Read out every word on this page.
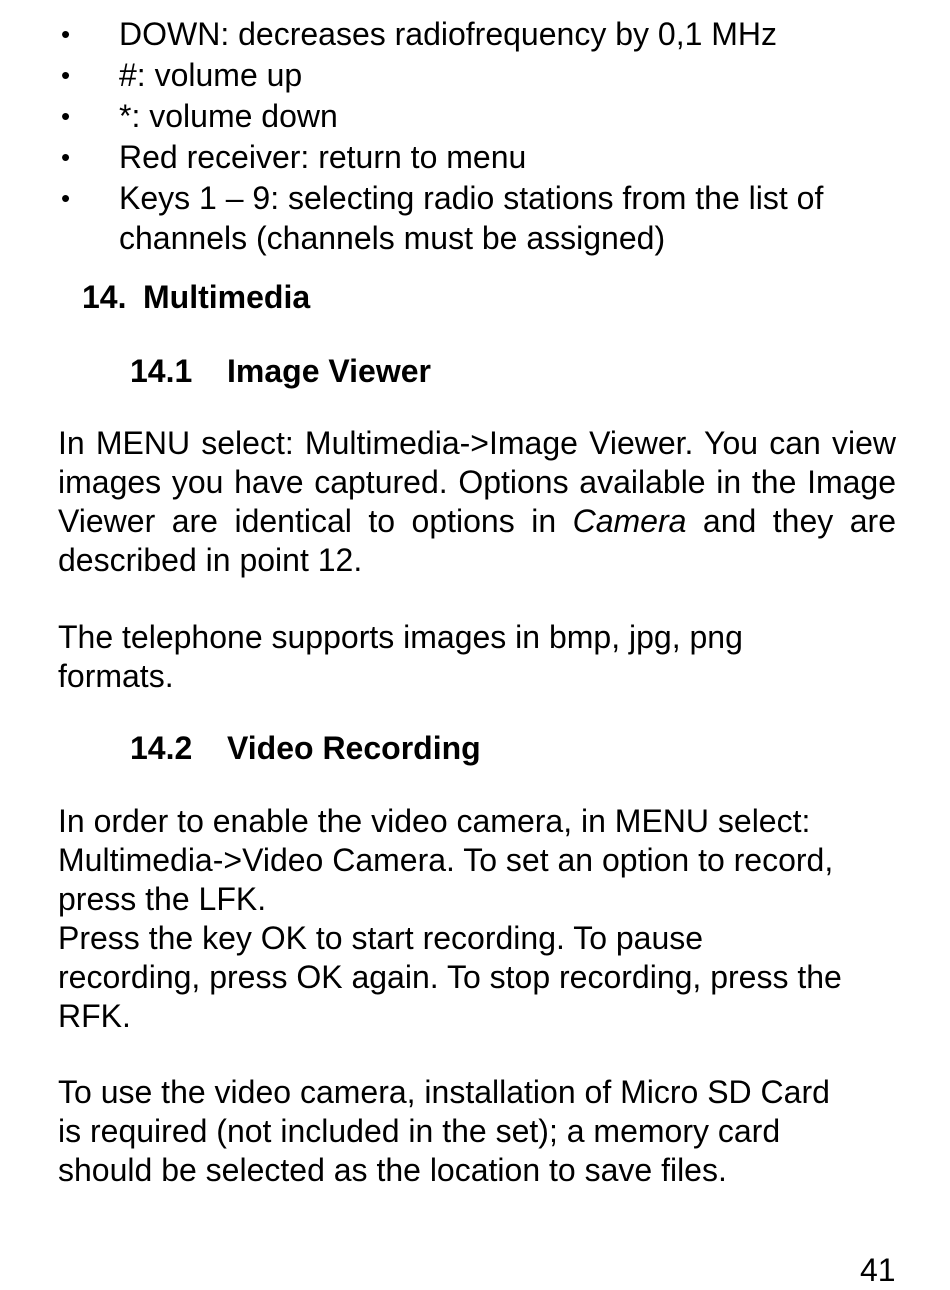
• DOWN: decreases radiofrequency by 0,1 MHz
• #: volume up
• *: volume down
• Red receiver: return to menu
• Keys 1 – 9: selecting radio stations from the list of channels (channels must be assigned)
14. Multimedia
14.1 Image Viewer

In MENU select: Multimedia->Image Viewer. You can view images you have captured. Options available in the Image Viewer are identical to options in Camera and they are described in point 12.

The telephone supports images in bmp, jpg, png

formats.

14.2 Video Recording

In order to enable the video camera, in MENU select:

Multimedia->Video Camera. To set an option to record,

press the LFK.

Press the key OK to start recording. To pause

recording, press OK again. To stop recording, press the

RFK.

To use the video camera, installation of Micro SD Card

is required (not included in the set); a memory card

should be selected as the location to save files.

41
